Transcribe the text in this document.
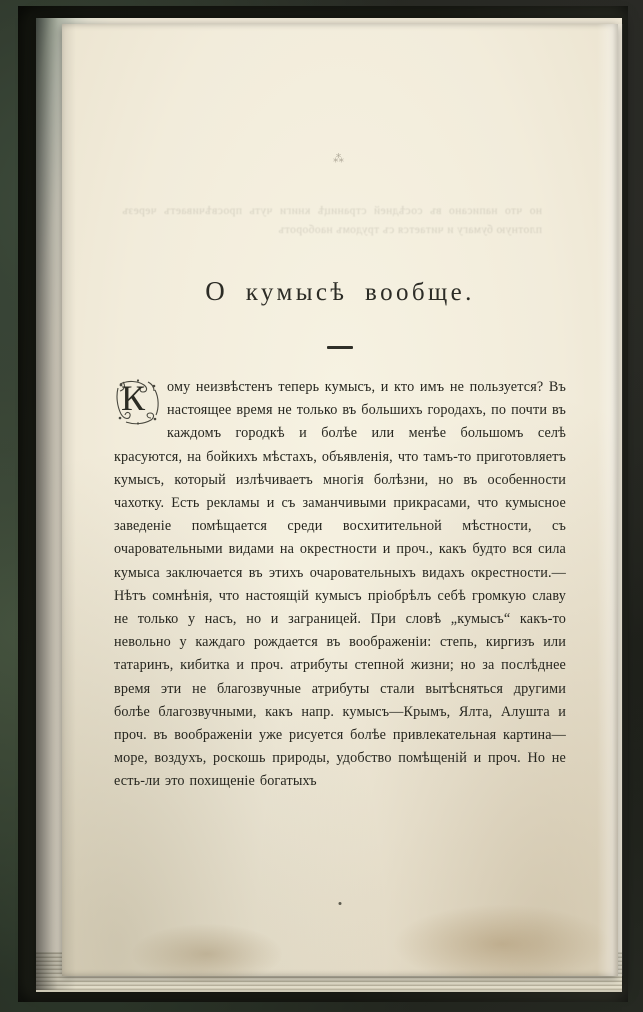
но что написано въ сосѣдней страницѣ книги чуть просвѣчиваетъ черезъ плотную бумагу и читается съ трудомъ наоборотъ
⁂
О кумысѣ вообще.
К	ому неизвѣстенъ теперь кумысъ, и кто имъ не пользуется? Въ настоящее время не только въ большихъ городахъ, по почти въ каждомъ городкѣ и болѣе или менѣе большомъ селѣ красуются, на бойкихъ мѣстахъ, объявленія, что тамъ-то приготовляетъ кумысъ, который излѣчиваетъ многія болѣзни, но въ особенности чахотку. Есть рекламы и съ заманчивыми прикрасами, что кумысное заведеніе помѣщается среди восхитительной мѣстности, съ очаровательными видами на окрестности и проч., какъ будто вся сила кумыса заключается въ этихъ очаровательныхъ видахъ окрестности.—Нѣтъ сомнѣнія, что настоящій кумысъ прiобрѣлъ себѣ громкую славу не только у насъ, но и заграницей. При словѣ „кумысъ“ какъ-то невольно у каждаго рождается въ воображеніи: степь, киргизъ или татаринъ, кибитка и проч. атрибуты степной жизни; но за послѣднее время эти не благозвучные атрибуты стали вытѣсняться другими болѣе благозвучными, какъ напр. кумысъ—Крымъ, Ялта, Алушта и проч. въ воображеніи уже рисуется болѣе привлекательная картина—море, воздухъ, роскошь природы, удобство помѣщеній и проч. Но не есть-ли это похищеніе богатыхъ
